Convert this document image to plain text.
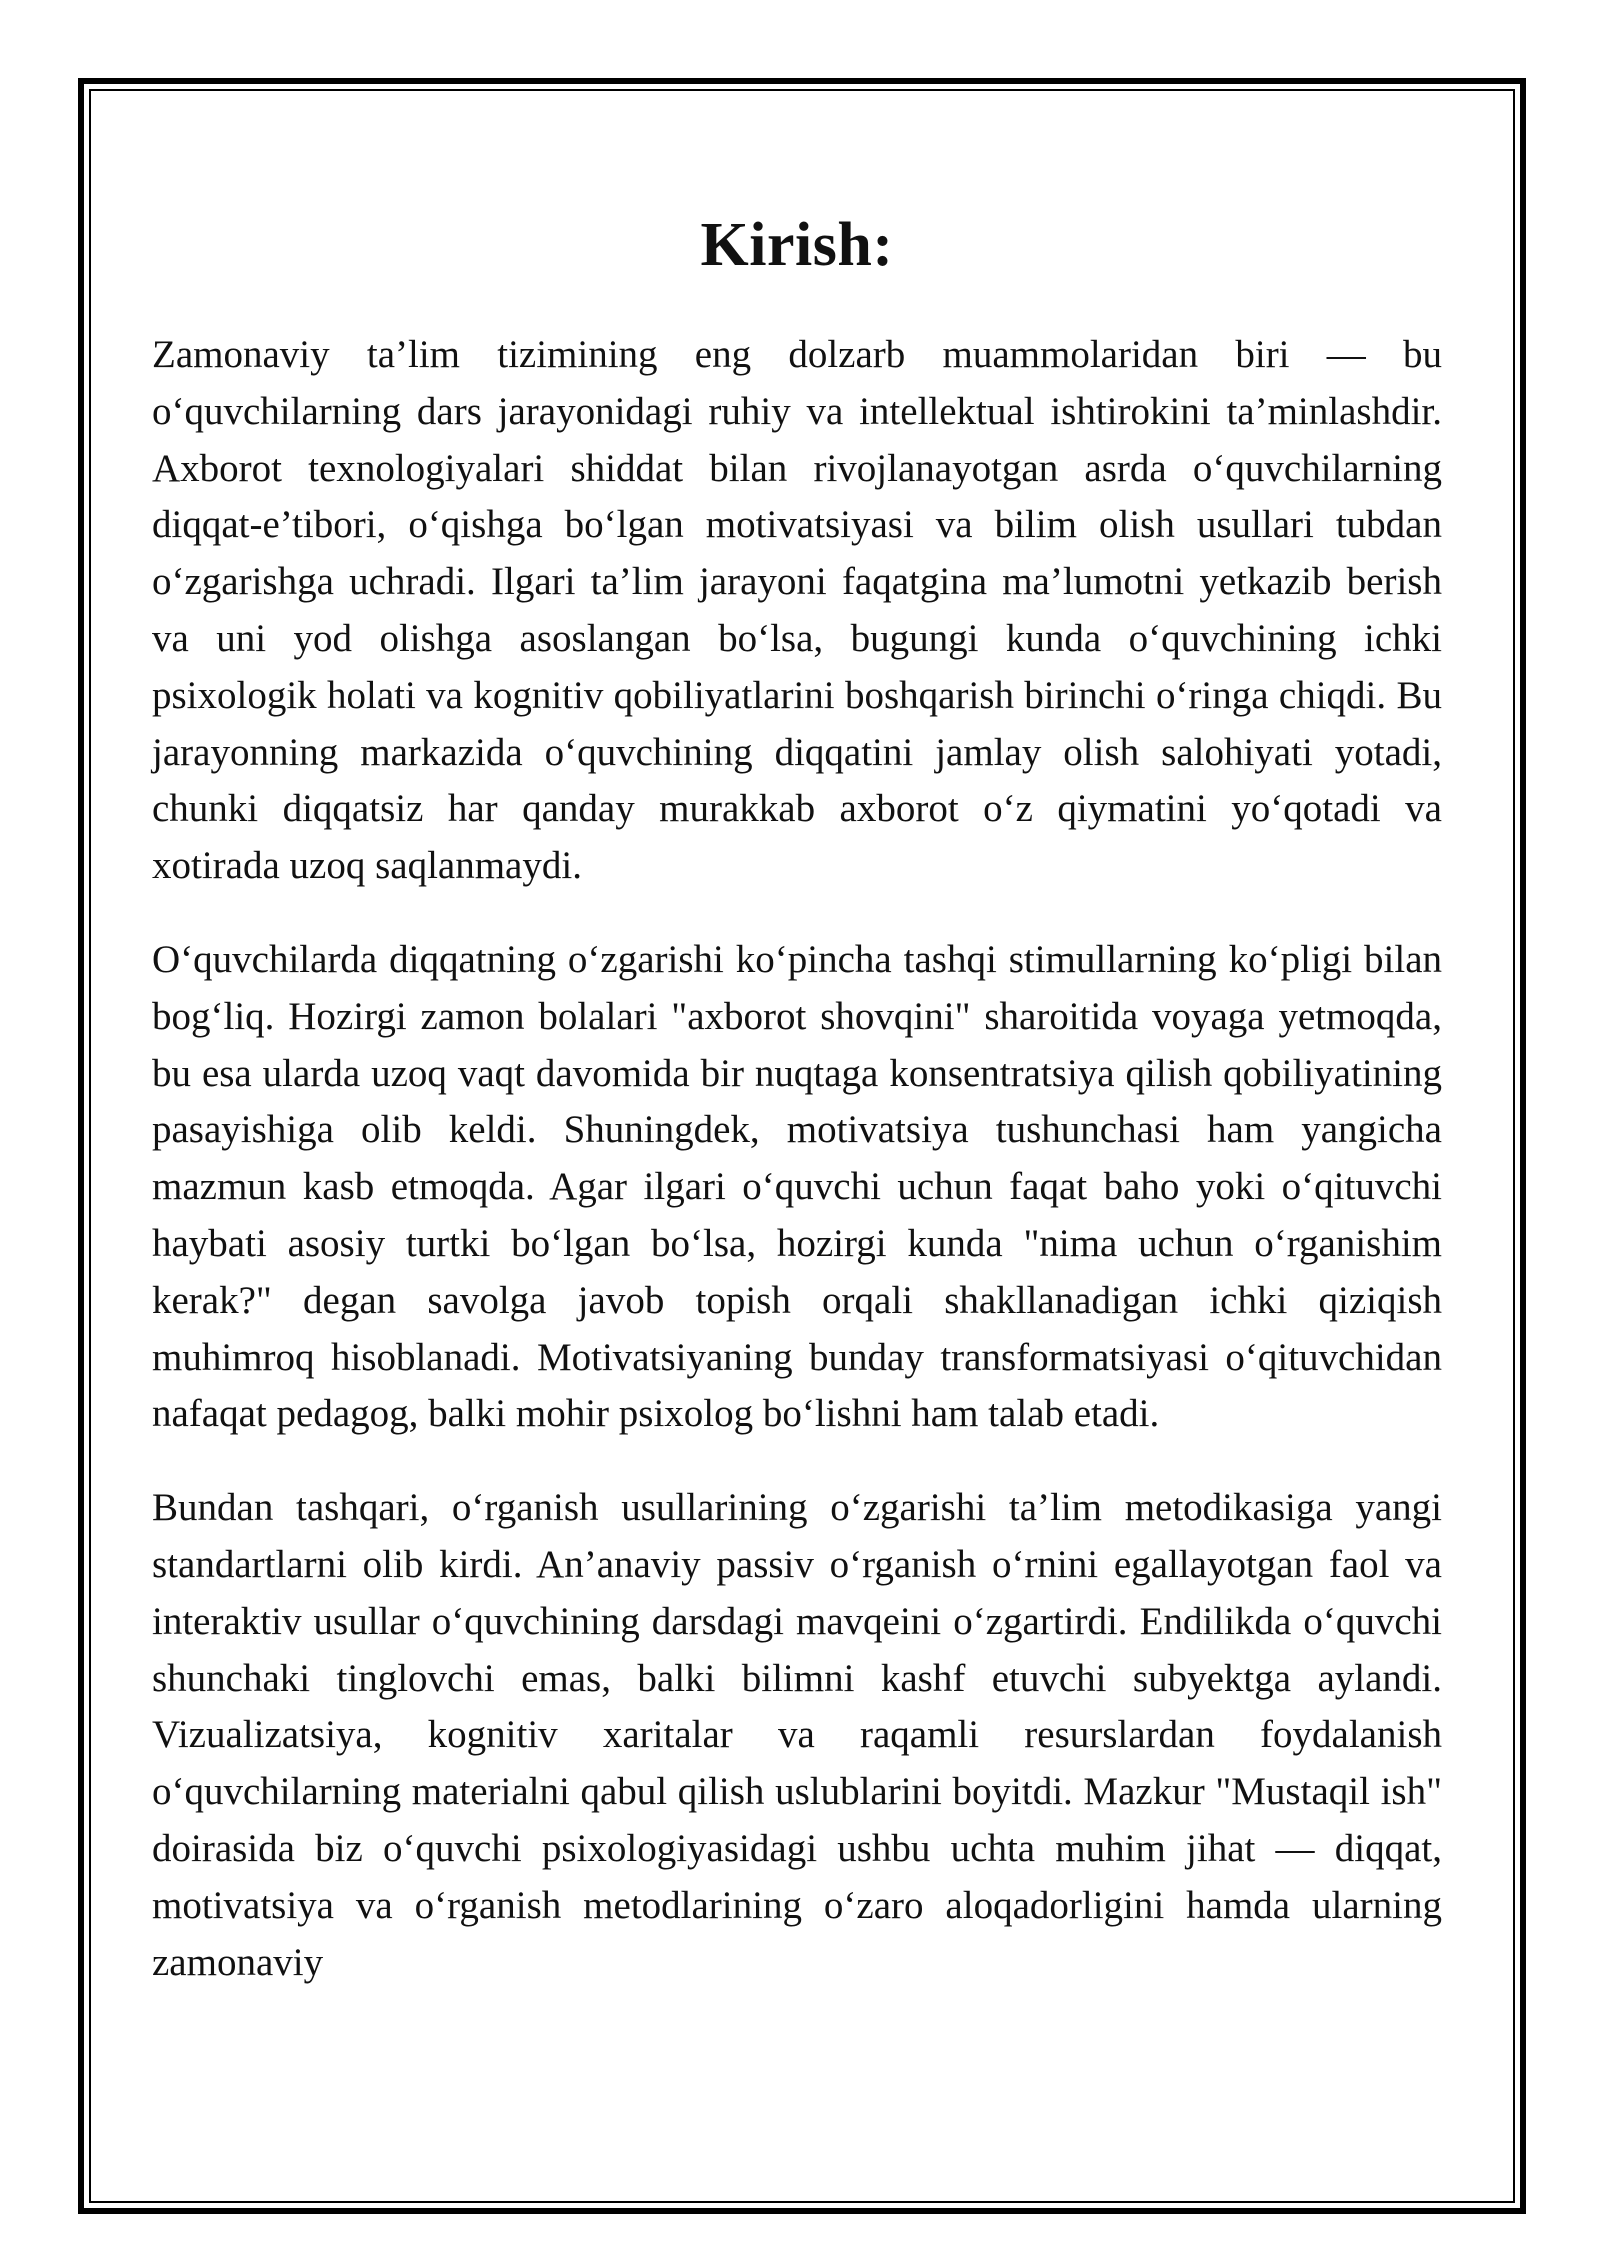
Kirish:

Zamonaviy ta’lim tizimining eng dolzarb muammolaridan biri — bu o‘quvchilarning dars jarayonidagi ruhiy va intellektual ishtirokini ta’minlashdir. Axborot texnologiyalari shiddat bilan rivojlanayotgan asrda o‘quvchilarning diqqat-e’tibori, o‘qishga bo‘lgan motivatsiyasi va bilim olish usullari tubdan o‘zgarishga uchradi. Ilgari ta’lim jarayoni faqatgina ma’lumotni yetkazib berish va uni yod olishga asoslangan bo‘lsa, bugungi kunda o‘quvchining ichki psixologik holati va kognitiv qobiliyatlarini boshqarish birinchi o‘ringa chiqdi. Bu jarayonning markazida o‘quvchining diqqatini jamlay olish salohiyati yotadi, chunki diqqatsiz har qanday murakkab axborot o‘z qiymatini yo‘qotadi va xotirada uzoq saqlanmaydi.

O‘quvchilarda diqqatning o‘zgarishi ko‘pincha tashqi stimullarning ko‘pligi bilan bog‘liq. Hozirgi zamon bolalari "axborot shovqini" sharoitida voyaga yetmoqda, bu esa ularda uzoq vaqt davomida bir nuqtaga konsentratsiya qilish qobiliyatining pasayishiga olib keldi. Shuningdek, motivatsiya tushunchasi ham yangicha mazmun kasb etmoqda. Agar ilgari o‘quvchi uchun faqat baho yoki o‘qituvchi haybati asosiy turtki bo‘lgan bo‘lsa, hozirgi kunda "nima uchun o‘rganishim kerak?" degan savolga javob topish orqali shakllanadigan ichki qiziqish muhimroq hisoblanadi. Motivatsiyaning bunday transformatsiyasi o‘qituvchidan nafaqat pedagog, balki mohir psixolog bo‘lishni ham talab etadi.

Bundan tashqari, o‘rganish usullarining o‘zgarishi ta’lim metodikasiga yangi standartlarni olib kirdi. An’anaviy passiv o‘rganish o‘rnini egallayotgan faol va interaktiv usullar o‘quvchining darsdagi mavqeini o‘zgartirdi. Endilikda o‘quvchi shunchaki tinglovchi emas, balki bilimni kashf etuvchi subyektga aylandi. Vizualizatsiya, kognitiv xaritalar va raqamli resurslardan foydalanish o‘quvchilarning materialni qabul qilish uslublarini boyitdi. Mazkur "Mustaqil ish" doirasida biz o‘quvchi psixologiyasidagi ushbu uchta muhim jihat — diqqat, motivatsiya va o‘rganish metodlarining o‘zaro aloqadorligini hamda ularning zamonaviy
